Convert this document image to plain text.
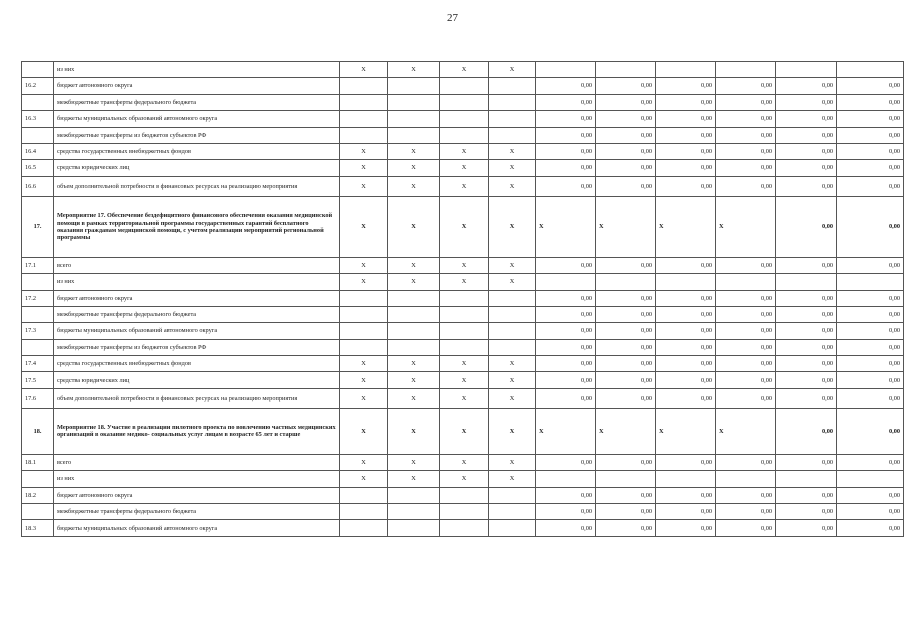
27
	из них	X	X	X	X						
16.2	бюджет автономного округа					0,00	0,00	0,00	0,00	0,00	0,00
	межбюджетные трансферты федерального бюджета					0,00	0,00	0,00	0,00	0,00	0,00
16.3	бюджеты муниципальных образований автономного округа					0,00	0,00	0,00	0,00	0,00	0,00
	межбюджетные трансферты из бюджетов субъектов РФ					0,00	0,00	0,00	0,00	0,00	0,00
16.4	средства государственных внебюджетных фондов	X	X	X	X	0,00	0,00	0,00	0,00	0,00	0,00
16.5	средства юридических лиц	X	X	X	X	0,00	0,00	0,00	0,00	0,00	0,00
16.6	объем дополнительной потребности в финансовых ресурсах на реализацию мероприятия	X	X	X	X	0,00	0,00	0,00	0,00	0,00	0,00
17.	Мероприятие 17. Обеспечение бездефицитного финансового обеспечения оказания медицинской помощи в рамках территориальной программы государственных гарантий бесплатного оказания гражданам медицинской помощи, с учетом реализации мероприятий региональной программы	X	X	X	X	X	X	X	X	0,00	0,00
17.1	всего	X	X	X	X	0,00	0,00	0,00	0,00	0,00	0,00
	из них	X	X	X	X						
17.2	бюджет автономного округа					0,00	0,00	0,00	0,00	0,00	0,00
	межбюджетные трансферты федерального бюджета					0,00	0,00	0,00	0,00	0,00	0,00
17.3	бюджеты муниципальных образований автономного округа					0,00	0,00	0,00	0,00	0,00	0,00
	межбюджетные трансферты из бюджетов субъектов РФ					0,00	0,00	0,00	0,00	0,00	0,00
17.4	средства государственных внебюджетных фондов	X	X	X	X	0,00	0,00	0,00	0,00	0,00	0,00
17.5	средства юридических лиц	X	X	X	X	0,00	0,00	0,00	0,00	0,00	0,00
17.6	объем дополнительной потребности в финансовых ресурсах на реализацию мероприятия	X	X	X	X	0,00	0,00	0,00	0,00	0,00	0,00
18.	Мероприятие 18. Участие в реализации пилотного проекта по вовлечению частных медицинских организаций в оказание медико- социальных услуг лицам в возрасте 65 лет и старше	X	X	X	X	X	X	X	X	0,00	0,00
18.1	всего	X	X	X	X	0,00	0,00	0,00	0,00	0,00	0,00
	из них	X	X	X	X						
18.2	бюджет автономного округа					0,00	0,00	0,00	0,00	0,00	0,00
	межбюджетные трансферты федерального бюджета					0,00	0,00	0,00	0,00	0,00	0,00
18.3	бюджеты муниципальных образований автономного округа					0,00	0,00	0,00	0,00	0,00	0,00
